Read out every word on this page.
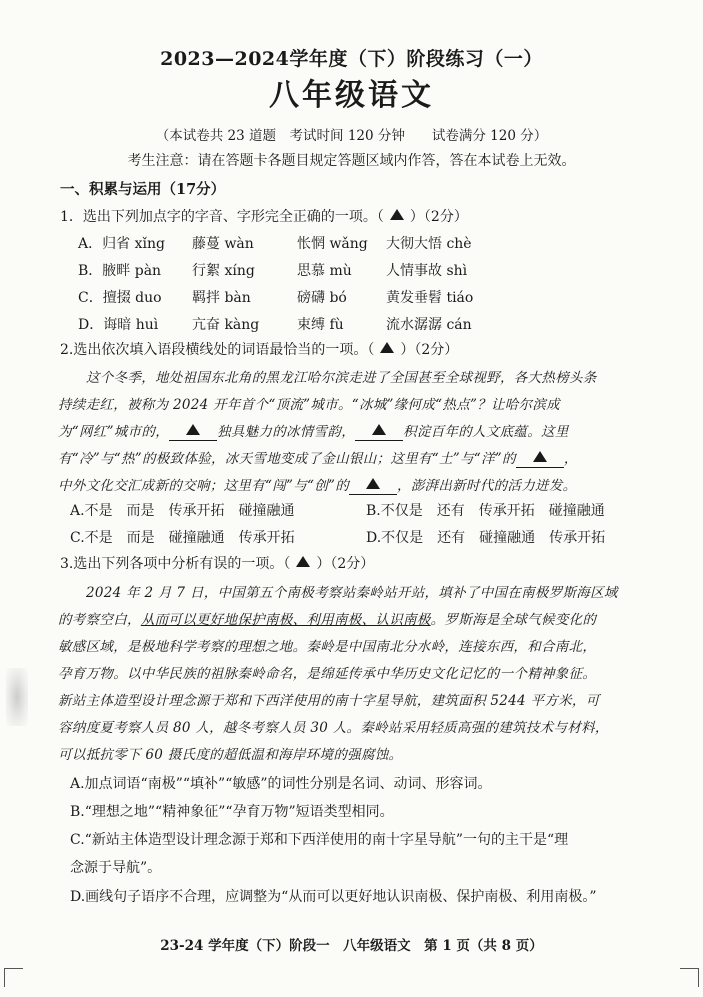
2023—2024学年度（下）阶段练习（一）
八年级语文
（本试卷共 23 道题　考试时间 120 分钟　　试卷满分 120 分）
考生注意：请在答题卡各题目规定答题区域内作答，答在本试卷上无效。
一、积累与运用（17分）
1．选出下列加点字的字音、字形完全正确的一项。（ ）（2分）
A．归省 xǐng 藤蔓 wàn	怅惘 wǎng 大彻大悟 chè
B．腋畔 pàn 行絮 xíng	思慕 mù 人情事故 shì
C．擅掇 duo 羁拌 bàn	磅礴 bó	黄发垂髫 tiáo
D．诲暗 huì 亢奋 kàng	束缚 fù	流水潺潺 cán
2.选出依次填入语段横线处的词语最恰当的一项。（ ）（2分）
这个冬季，地处祖国东北角的黑龙江哈尔滨走进了全国甚至全球视野，各大热榜头条
持续走红，被称为 2024 开年首个“顶流”城市。“冰城”缘何成“热点”？让哈尔滨成
为“网红”城市的，	独具魅力的冰情雪韵，	积淀百年的人文底蕴。这里
有“冷”与“热”的极致体验，冰天雪地变成了金山银山；这里有“土”与“洋”的	，
中外文化交汇成新的交响；这里有“闯”与“创”的	，澎湃出新时代的活力迸发。
A.不是　而是　传承开拓　碰撞融通	B.不仅是　还有　传承开拓　碰撞融通
C.不是　而是　碰撞融通　传承开拓	D.不仅是　还有　碰撞融通　传承开拓
3.选出下列各项中分析有误的一项。（ ）（2分）
2024 年 2 月 7 日，中国第五个南极考察站秦岭站开站，填补了中国在南极罗斯海区域
的考察空白，从而可以更好地保护南极、利用南极、认识南极。罗斯海是全球气候变化的
敏感区域，是极地科学考察的理想之地。秦岭是中国南北分水岭，连接东西，和合南北，
孕育万物。以中华民族的祖脉秦岭命名，是绵延传承中华历史文化记忆的一个精神象征。
新站主体造型设计理念源于郑和下西洋使用的南十字星导航，建筑面积 5244 平方米，可
容纳度夏考察人员 80 人，越冬考察人员 30 人。秦岭站采用轻质高强的建筑技术与材料，
可以抵抗零下 60 摄氏度的超低温和海岸环境的强腐蚀。
A.加点词语“南极”“填补”“敏感”的词性分别是名词、动词、形容词。
B.“理想之地”“精神象征”“孕育万物”短语类型相同。
C.“新站主体造型设计理念源于郑和下西洋使用的南十字星导航”一句的主干是“理
念源于导航”。
D.画线句子语序不合理，应调整为“从而可以更好地认识南极、保护南极、利用南极。”
23-24 学年度（下）阶段一　八年级语文　第 1 页（共 8 页）
